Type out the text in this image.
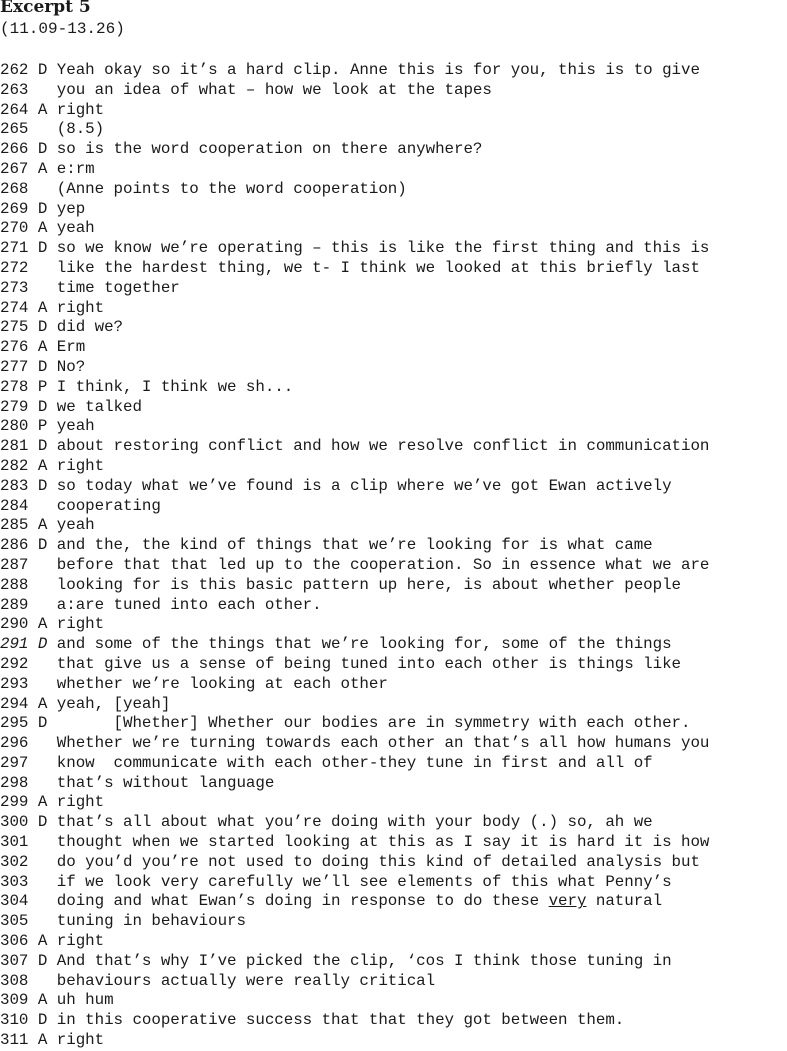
Excerpt 5
(11.09-13.26)
262 D Yeah okay so it’s a hard clip. Anne this is for you, this is to give
263 you an idea of what – how we look at the tapes
264 A right
265 (8.5)
266 D so is the word cooperation on there anywhere?
267 A e:rm
268 (Anne points to the word cooperation)
269 D yep
270 A yeah
271 D so we know we’re operating – this is like the first thing and this is
272 like the hardest thing, we t- I think we looked at this briefly last
273 time together
274 A right
275 D did we?
276 A Erm
277 D No?
278 P I think, I think we sh...
279 D we talked
280 P yeah
281 D about restoring conflict and how we resolve conflict in communication
282 A right
283 D so today what we’ve found is a clip where we’ve got Ewan actively
284 cooperating
285 A yeah
286 D and the, the kind of things that we’re looking for is what came
287 before that that led up to the cooperation. So in essence what we are
288 looking for is this basic pattern up here, is about whether people
289 a:are tuned into each other.
290 A right
291 D and some of the things that we’re looking for, some of the things
292 that give us a sense of being tuned into each other is things like
293 whether we’re looking at each other
294 A yeah, [yeah]
295 D       [Whether] Whether our bodies are in symmetry with each other.
296 Whether we’re turning towards each other an that’s all how humans you
297 know  communicate with each other-they tune in first and all of
298 that’s without language
299 A right
300 D that’s all about what you’re doing with your body (.) so, ah we
301 thought when we started looking at this as I say it is hard it is how
302 do you’d you’re not used to doing this kind of detailed analysis but
303 if we look very carefully we’ll see elements of this what Penny’s
304 doing and what Ewan’s doing in response to do these very natural
305 tuning in behaviours
306 A right
307 D And that’s why I’ve picked the clip, ‘cos I think those tuning in
308 behaviours actually were really critical
309 A uh hum
310 D in this cooperative success that that they got between them.
311 A right
